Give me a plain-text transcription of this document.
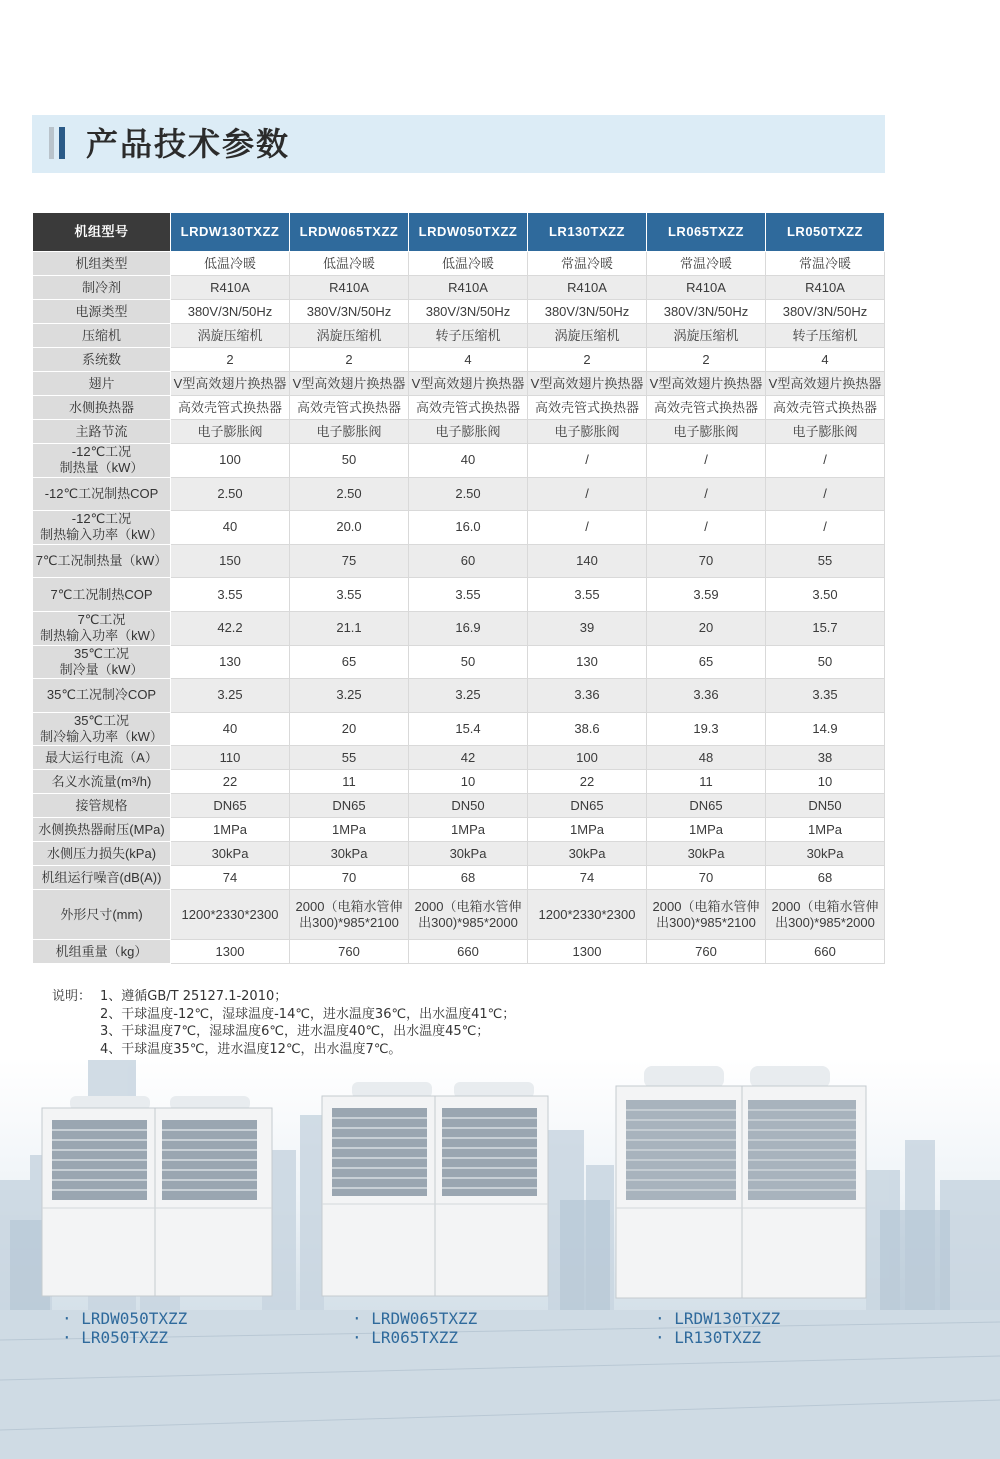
产品技术参数
机组型号	LRDW130TXZZ	LRDW065TXZZ	LRDW050TXZZ	LR130TXZZ	LR065TXZZ	LR050TXZZ

机组类型	低温冷暖	低温冷暖	低温冷暖	常温冷暖	常温冷暖	常温冷暖

制冷剂	R410A	R410A	R410A	R410A	R410A	R410A

电源类型	380V/3N/50Hz	380V/3N/50Hz	380V/3N/50Hz	380V/3N/50Hz	380V/3N/50Hz	380V/3N/50Hz

压缩机	涡旋压缩机	涡旋压缩机	转子压缩机	涡旋压缩机	涡旋压缩机	转子压缩机

系统数	2	2	4	2	2	4

翅片	V型高效翅片换热器	V型高效翅片换热器	V型高效翅片换热器	V型高效翅片换热器	V型高效翅片换热器	V型高效翅片换热器

水侧换热器	高效壳管式换热器	高效壳管式换热器	高效壳管式换热器	高效壳管式换热器	高效壳管式换热器	高效壳管式换热器

主路节流	电子膨胀阀	电子膨胀阀	电子膨胀阀	电子膨胀阀	电子膨胀阀	电子膨胀阀

-12℃工况
制热量（kW）	100	50	40	/	/	/

-12℃工况制热COP	2.50	2.50	2.50	/	/	/

-12℃工况
制热输入功率（kW）	40	20.0	16.0	/	/	/

7℃工况制热量（kW）	150	75	60	140	70	55

7℃工况制热COP	3.55	3.55	3.55	3.55	3.59	3.50

7℃工况
制热输入功率（kW）	42.2	21.1	16.9	39	20	15.7

35℃工况
制冷量（kW）	130	65	50	130	65	50

35℃工况制冷COP	3.25	3.25	3.25	3.36	3.36	3.35

35℃工况
制冷输入功率（kW）	40	20	15.4	38.6	19.3	14.9

最大运行电流（A）	110	55	42	100	48	38

名义水流量(m³/h)	22	11	10	22	11	10

接管规格	DN65	DN65	DN50	DN65	DN65	DN50

水侧换热器耐压(MPa)	1MPa	1MPa	1MPa	1MPa	1MPa	1MPa

水侧压力损失(kPa)	30kPa	30kPa	30kPa	30kPa	30kPa	30kPa

机组运行噪音(dB(A))	74	70	68	74	70	68

外形尺寸(mm)	1200*2330*2300	2000（电箱水管伸
出300)*985*2100	2000（电箱水管伸
出300)*985*2000	1200*2330*2300	2000（电箱水管伸
出300)*985*2100	2000（电箱水管伸
出300)*985*2000

机组重量（kg）	1300	760	660	1300	760	660
说明： 1、遵循GB/T 25127.1-2010；
2、干球温度-12℃，湿球温度-14℃，进水温度36℃，出水温度41℃；
3、干球温度7℃，湿球温度6℃，进水温度40℃，出水温度45℃；
4、干球温度35℃，进水温度12℃，出水温度7℃。
· LRDW050TXZZ
· LR050TXZZ
· LRDW065TXZZ
· LR065TXZZ
· LRDW130TXZZ
· LR130TXZZ
